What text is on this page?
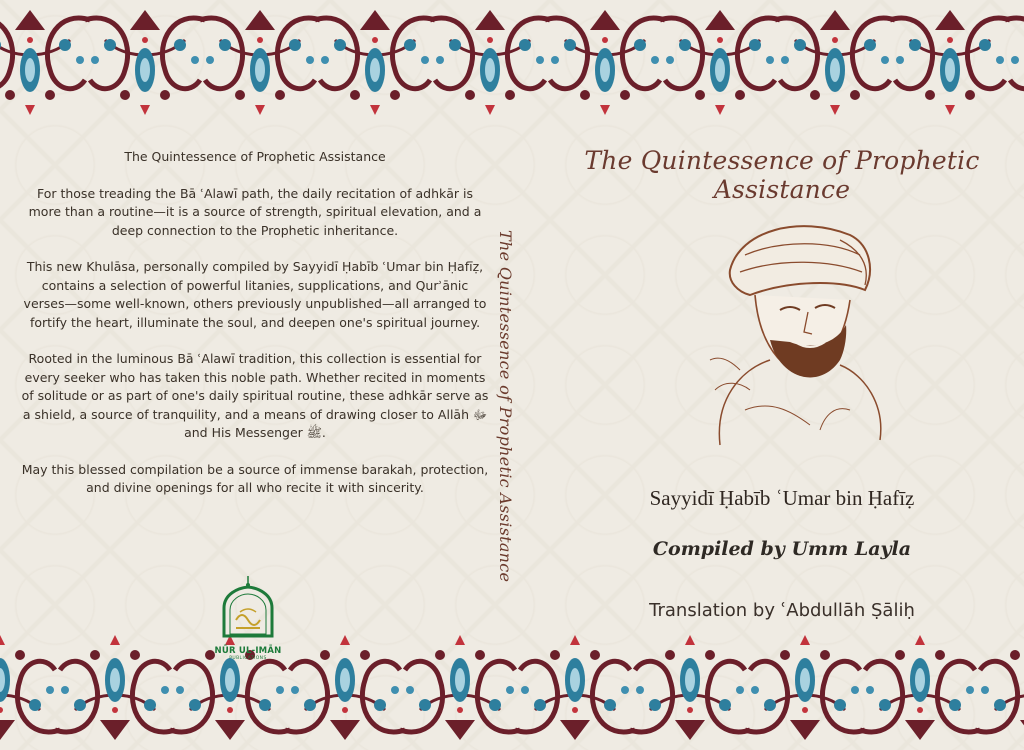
The Quintessence of Prophetic Assistance

For those treading the Bā ʿAlawī path, the daily recitation of adhkār is more than a routine—it is a source of strength, spiritual elevation, and a deep connection to the Prophetic inheritance.

This new Khulāsa, personally compiled by Sayyidī Ḥabīb ʿUmar bin Ḥafīẓ, contains a selection of powerful litanies, supplications, and Qurʾānic verses—some well-known, others previously unpublished—all arranged to fortify the heart, illuminate the soul, and deepen one's spiritual journey.

Rooted in the luminous Bā ʿAlawī tradition, this collection is essential for every seeker who has taken this noble path. Whether recited in moments of solitude or as part of one's daily spiritual routine, these adhkār serve as a shield, a source of tranquility, and a means of drawing closer to Allāh ﷻ and His Messenger ﷺ.

May this blessed compilation be a source of immense barakah, protection, and divine openings for all who recite it with sincerity.

NŪR UL-IMĀN
PUBLICATIONS
The Quintessence of Prophetic Assistance
The Quintessence of Prophetic Assistance
Sayyidī Ḥabīb ʿUmar bin Ḥafīẓ
Compiled by Umm Layla
Translation by ʿAbdullāh Ṣāliḥ
